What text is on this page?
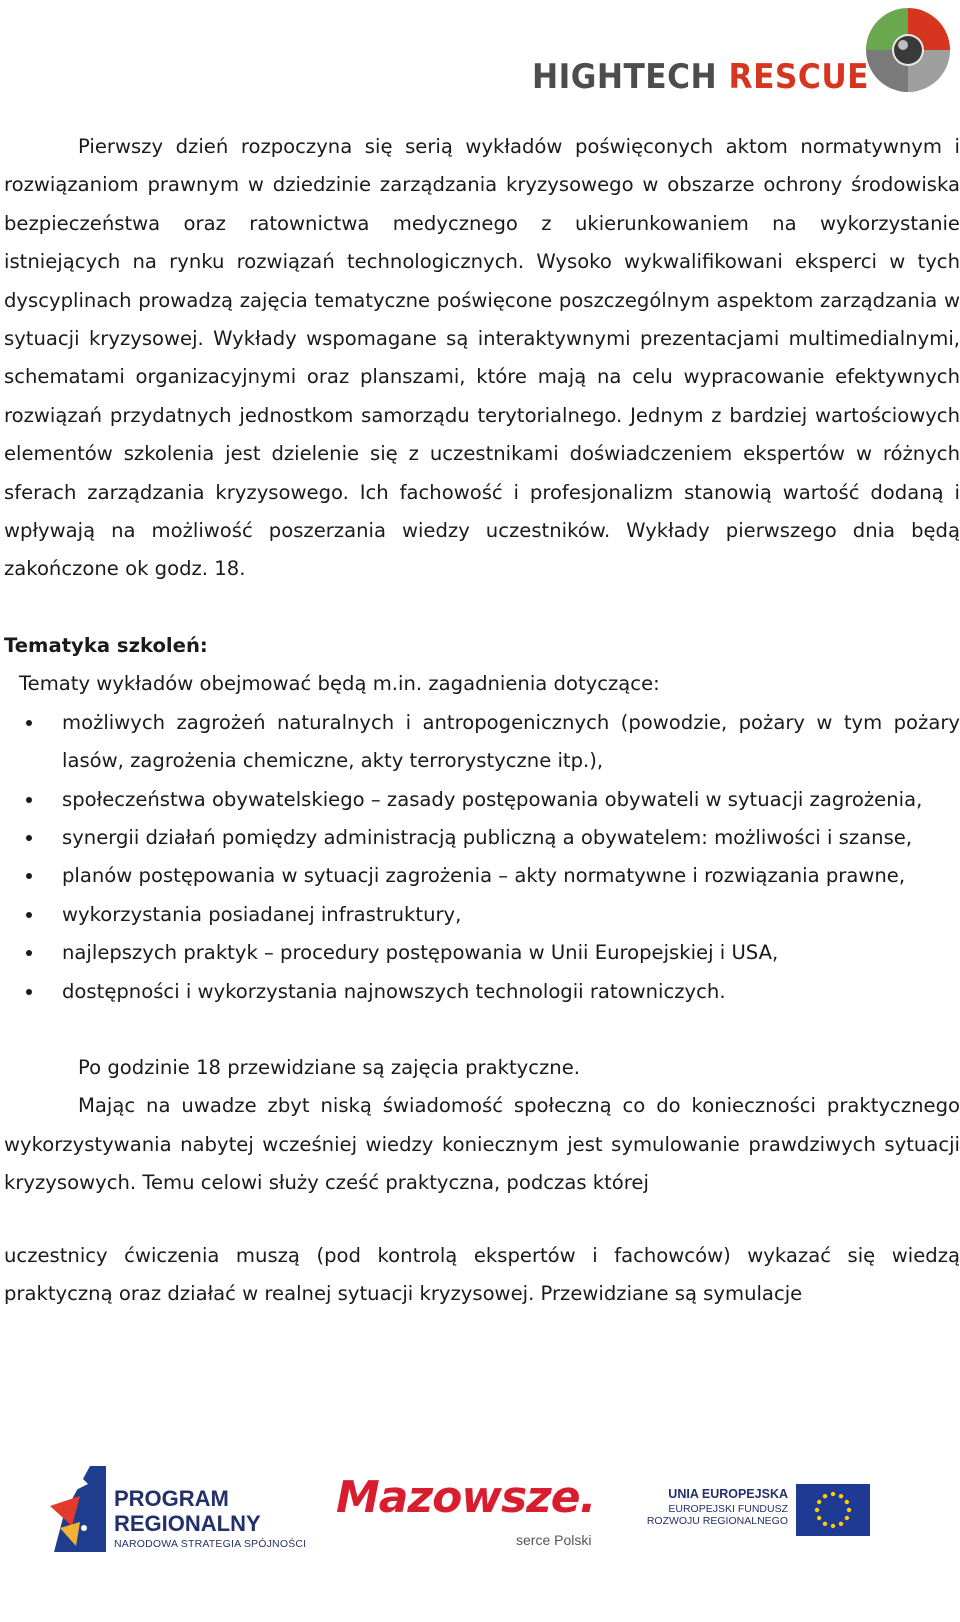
HIGHTECH RESCUE

Pierwszy dzień rozpoczyna się serią wykładów poświęconych aktom normatywnym i rozwiązaniom prawnym w dziedzinie zarządzania kryzysowego w obszarze ochrony środowiska bezpieczeństwa oraz ratownictwa medycznego z ukierunkowaniem na wykorzystanie istniejących na rynku rozwiązań technologicznych. Wysoko wykwalifikowani eksperci w tych dyscyplinach prowadzą zajęcia tematyczne poświęcone poszczególnym aspektom zarządzania w sytuacji kryzysowej. Wykłady wspomagane są interaktywnymi prezentacjami multimedialnymi, schematami organizacyjnymi oraz planszami, które mają na celu wypracowanie efektywnych rozwiązań przydatnych jednostkom samorządu terytorialnego. Jednym z bardziej wartościowych elementów szkolenia jest dzielenie się z uczestnikami doświadczeniem ekspertów w różnych sferach zarządzania kryzysowego. Ich fachowość i profesjonalizm stanowią wartość dodaną i wpływają na możliwość poszerzania wiedzy uczestników. Wykłady pierwszego dnia będą zakończone ok godz. 18.

Tematyka szkoleń:

Tematy wykładów obejmować będą m.in. zagadnienia dotyczące:

możliwych zagrożeń naturalnych i antropogenicznych (powodzie, pożary w tym pożary lasów, zagrożenia chemiczne, akty terrorystyczne itp.),
społeczeństwa obywatelskiego – zasady postępowania obywateli w sytuacji zagrożenia,
synergii działań pomiędzy administracją publiczną a obywatelem: możliwości i szanse,
planów postępowania w sytuacji zagrożenia – akty normatywne i rozwiązania prawne,
wykorzystania posiadanej infrastruktury,
najlepszych praktyk – procedury postępowania w Unii Europejskiej i USA,
dostępności i wykorzystania najnowszych technologii ratowniczych.

Po godzinie 18 przewidziane są zajęcia praktyczne.

Mając na uwadze zbyt niską świadomość społeczną co do konieczności praktycznego wykorzystywania nabytej wcześniej wiedzy koniecznym jest symulowanie prawdziwych sytuacji kryzysowych. Temu celowi służy cześć praktyczna, podczas której

uczestnicy ćwiczenia muszą (pod kontrolą ekspertów i fachowców) wykazać się wiedzą praktyczną oraz działać w realnej sytuacji kryzysowej. Przewidziane są symulacje

PROGRAM
REGIONALNY
NARODOWA STRATEGIA SPÓJNOŚCI
Mazowsze.
serce Polski
UNIA EUROPEJSKA
EUROPEJSKI FUNDUSZ
ROZWOJU REGIONALNEGO
